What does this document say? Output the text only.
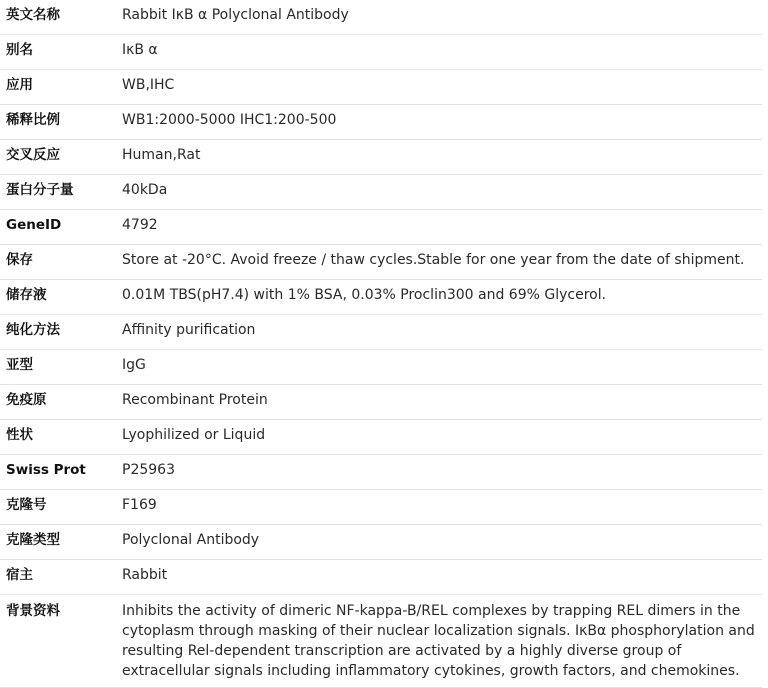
英文名称	Rabbit IκB α Polyclonal Antibody
别名	IκB α
应用	WB,IHC
稀释比例	WB1:2000-5000 IHC1:200-500
交叉反应	Human,Rat
蛋白分子量	40kDa
GeneID	4792
保存	Store at -20°C. Avoid freeze / thaw cycles.Stable for one year from the date of shipment.
储存液	0.01M TBS(pH7.4) with 1% BSA, 0.03% Proclin300 and 69% Glycerol.
纯化方法	Affinity purification
亚型	IgG
免疫原	Recombinant Protein
性状	Lyophilized or Liquid
Swiss Prot	P25963
克隆号	F169
克隆类型	Polyclonal Antibody
宿主	Rabbit
背景资料	Inhibits the activity of dimeric NF-kappa-B/REL complexes by trapping REL dimers in the cytoplasm through masking of their nuclear localization signals. IκBα phosphorylation and resulting Rel-dependent transcription are activated by a highly diverse group of extracellular signals including inflammatory cytokines, growth factors, and chemokines.
